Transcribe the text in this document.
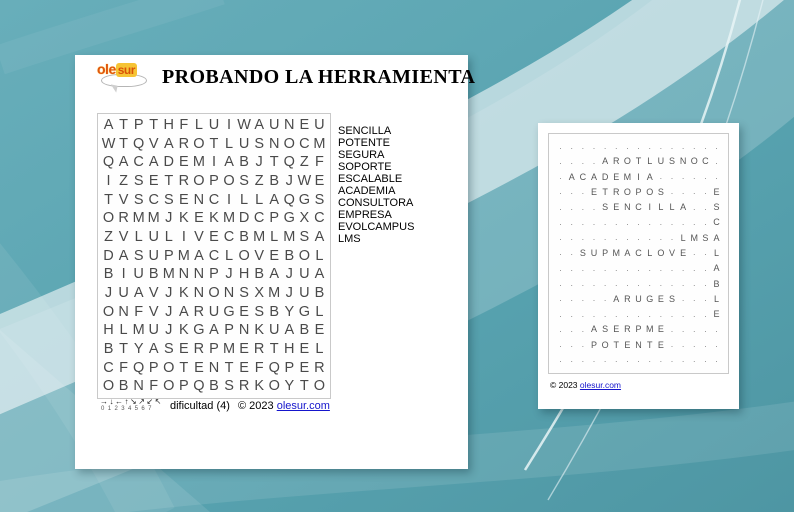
ole sur	PROBANDO LA HERRAMIENTA
A T P T H F L U I W A U N E U
W T Q V A R O T L U S N O C M
Q A C A D E M I A B J T Q Z F
I Z S E T R O P O S Z B J W E
T V S C S E N C I L L A Q G S
O R M M J K E K M D C P G X C
Z V L U L I V E C B M L M S A
D A S U P M A C L O V E B O L
B I U B M N N P J H B A J U A
J U A V J K N O N S X M J U B
O N F V J A R U G E S B Y G L
H L M U J K G A P N K U A B E
B T Y A S E R P M E R T H E L
C F Q P O T E N T E F Q P E R
O B N F O P Q B S R K O Y T O
SENCILLA
POTENTE
SEGURA
SOPORTE
ESCALABLE
ACADEMIA
CONSULTORA
EMPRESA
EVOLCAMPUS
LMS
→↓←↑↘↗↙↖
01234567	dificultad (4) © 2023 olesur.com
.	.	.	.	.	.	.	.	.	.	.	.	.	.	.
.	.	.	. A R O T L U S N O C .
. A C A D E M I A .	.	.	.	.	.
.	.	. E T R O P O S .	.	.	. E
.	.	.	. S E N C I L L A .	. S
.	.	.	.	.	.	.	.	.	.	.	.	.	. C
.	.	.	.	.	.	.	.	.	.	. L M S A
.	. S U P M A C L O V E .	. L
.	.	.	.	.	.	.	.	.	.	.	.	.	. A
.	.	.	.	.	.	.	.	.	.	.	.	.	. B
.	.	.	.	. A R U G E S .	.	. L
.	.	.	.	.	.	.	.	.	.	.	.	.	. E
.	.	. A S E R P M E .	.	.	.	.
.	.	. P O T E N T E .	.	.	.	.
.	.	.	.	.	.	.	.	.	.	.	.	.	.	.
© 2023 olesur.com
